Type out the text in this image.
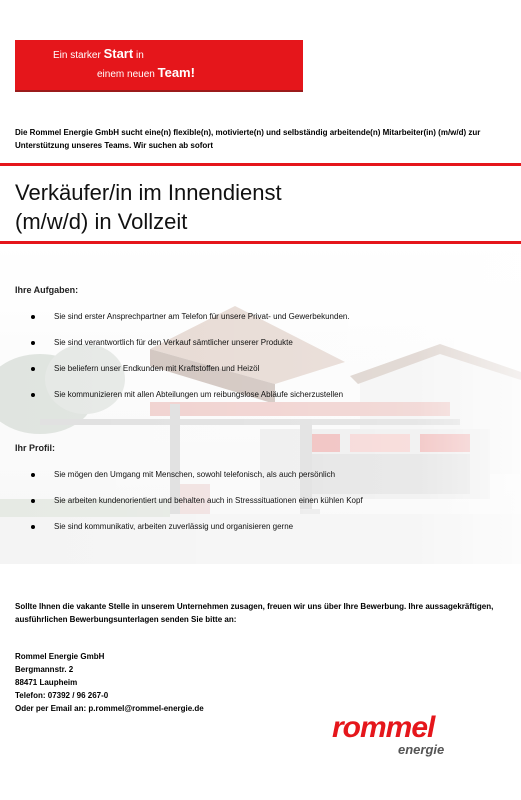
Ein starker Start in
einem neuen Team!
Die Rommel Energie GmbH sucht eine(n) flexible(n), motivierte(n) und selbständig arbeitende(n) Mitarbeiter(in) (m/w/d) zur Unterstützung unseres Teams. Wir suchen ab sofort
Verkäufer/in im Innendienst
(m/w/d) in Vollzeit
Ihre Aufgaben:
Sie sind erster Ansprechpartner am Telefon für unsere Privat- und Gewerbekunden.
Sie sind verantwortlich für den Verkauf sämtlicher unserer Produkte
Sie beliefern unser Endkunden mit Kraftstoffen und Heizöl
Sie kommunizieren mit allen Abteilungen um reibungslose Abläufe sicherzustellen
Ihr Profil:
Sie mögen den Umgang mit Menschen, sowohl telefonisch, als auch persönlich
Sie arbeiten kundenorientiert und behalten auch in Stresssituationen einen kühlen Kopf
Sie sind kommunikativ, arbeiten zuverlässig und organisieren gerne
Sollte Ihnen die vakante Stelle in unserem Unternehmen zusagen, freuen wir uns über Ihre Bewerbung. Ihre aussagekräftigen, ausführlichen Bewerbungsunterlagen senden Sie bitte an:
Rommel Energie GmbH
Bergmannstr. 2
88471 Laupheim
Telefon: 07392 / 96 267-0
Oder per Email an: p.rommel@rommel-energie.de
rommel
energie
